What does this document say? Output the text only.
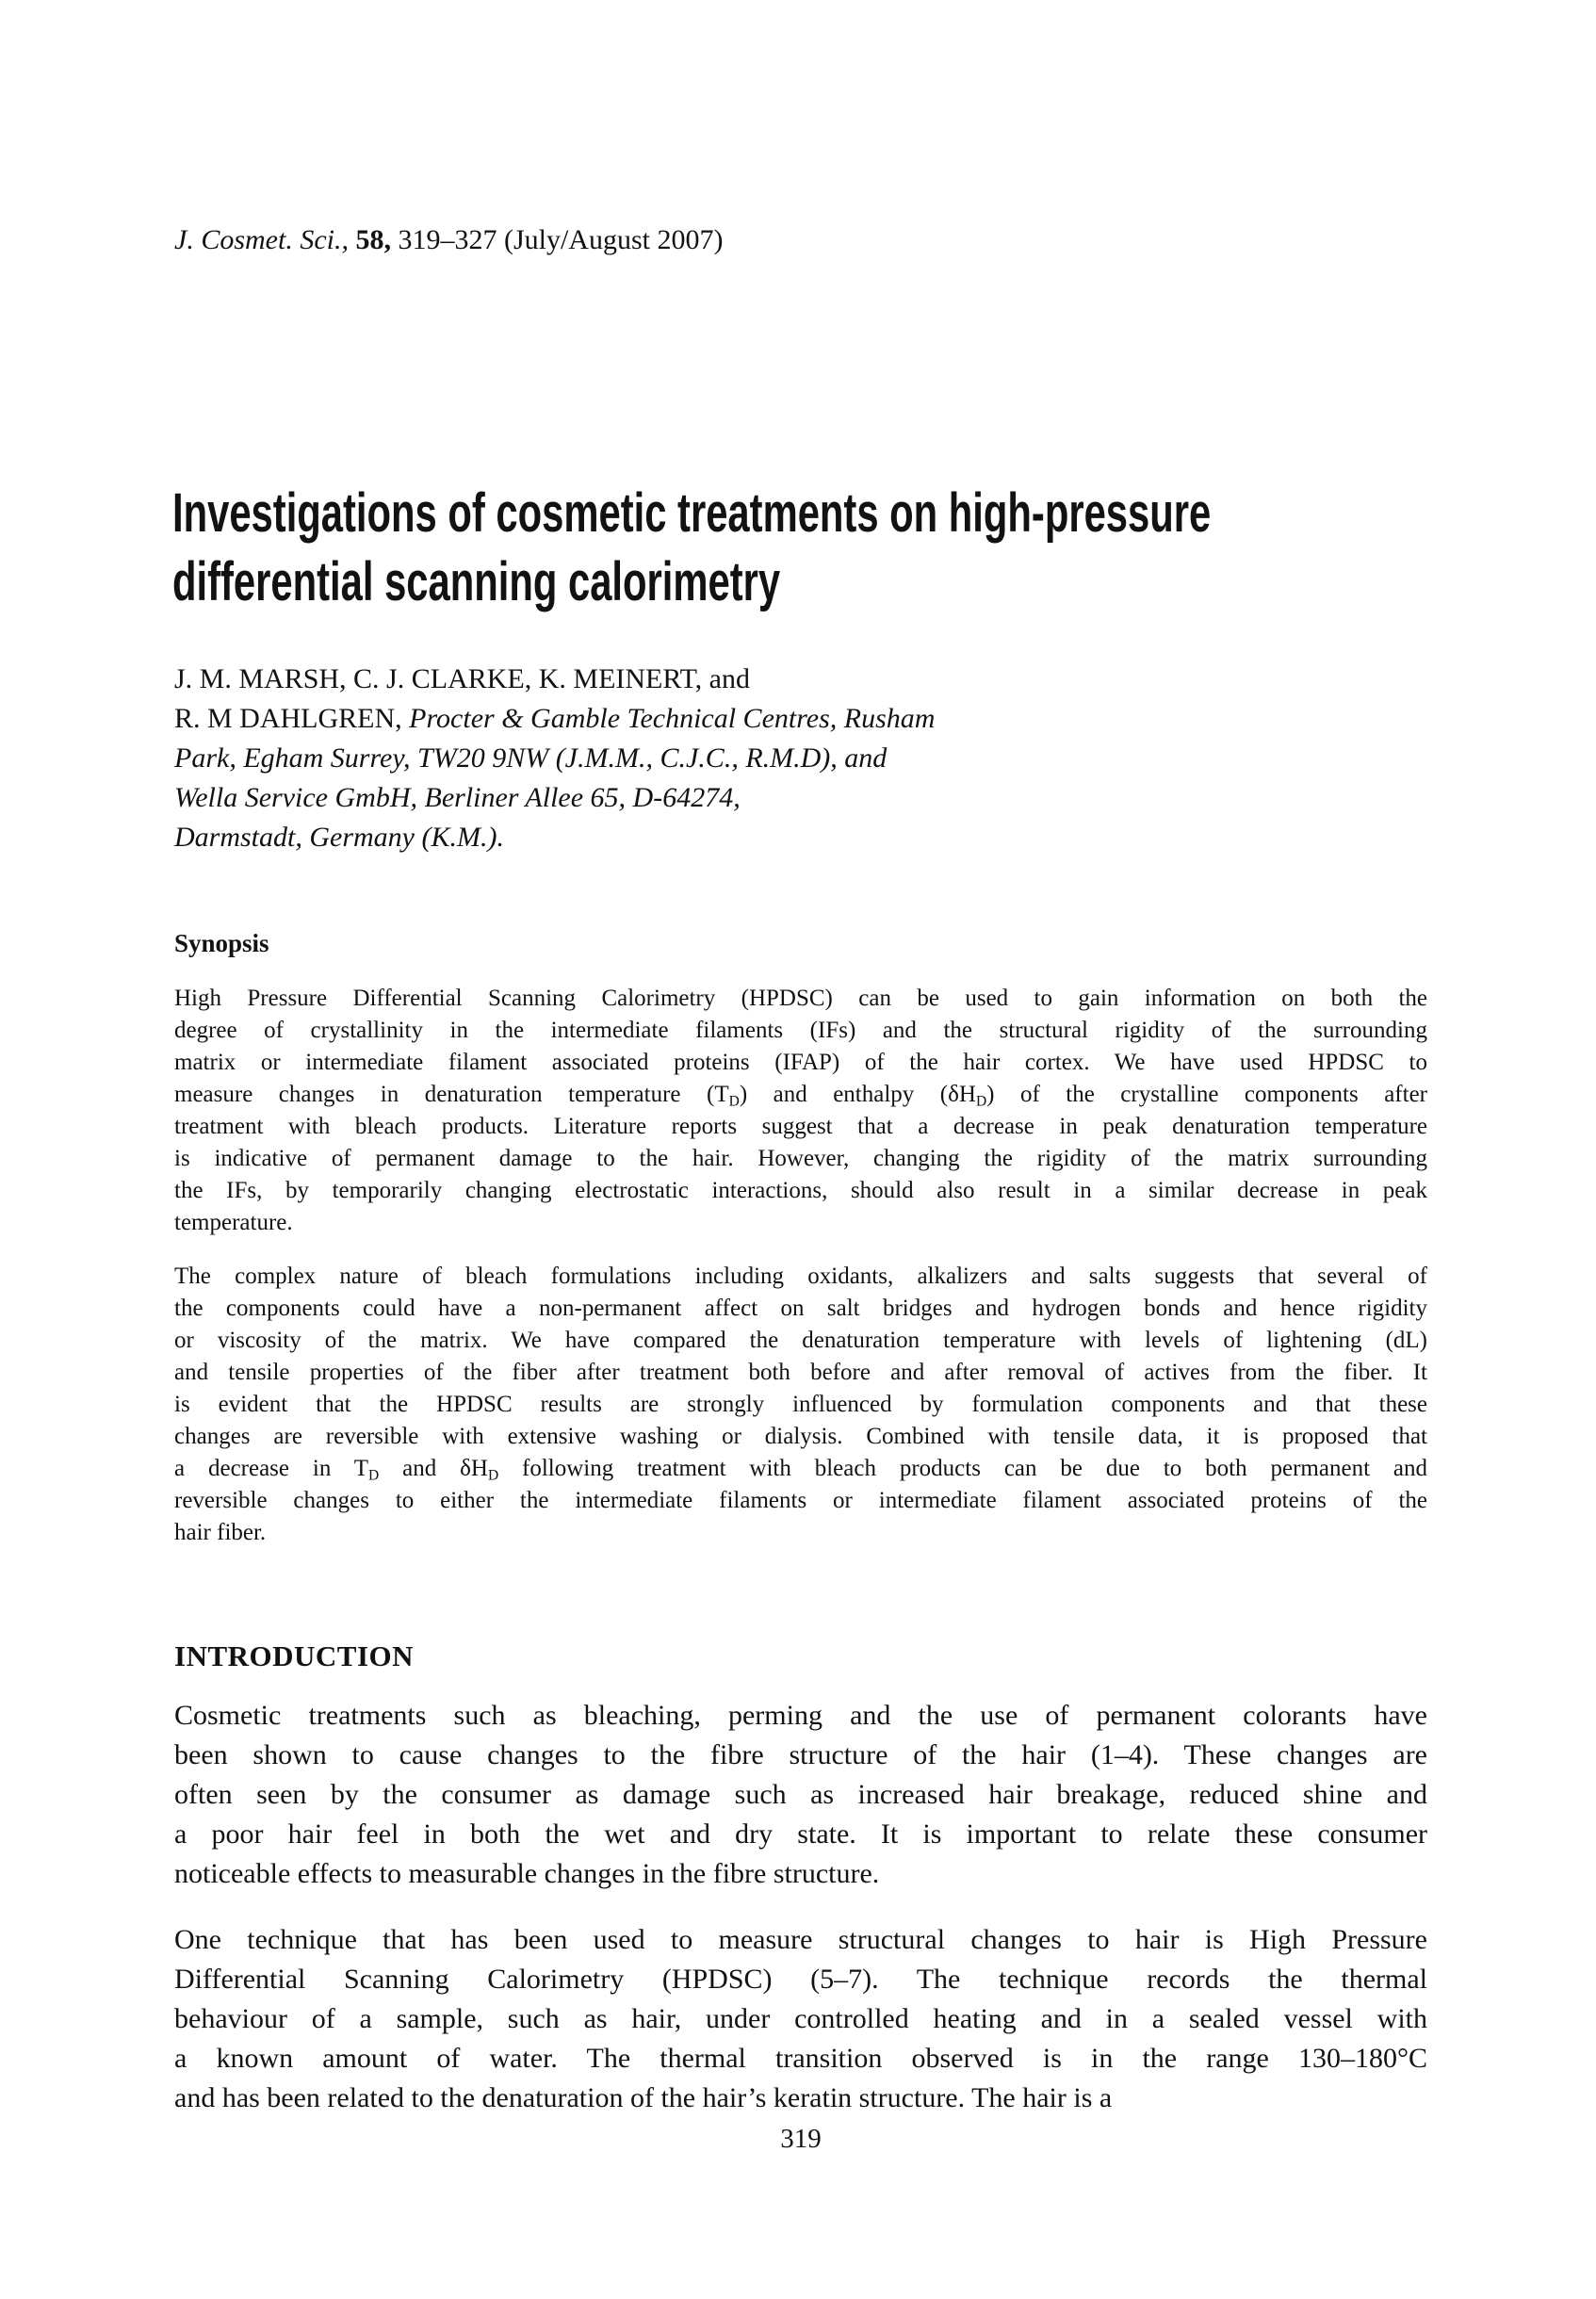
J. Cosmet. Sci., 58, 319–327 (July/August 2007)
Investigations of cosmetic treatments on high-pressure
differential scanning calorimetry
J. M. MARSH, C. J. CLARKE, K. MEINERT, and
R. M DAHLGREN, Procter & Gamble Technical Centres, Rusham
Park, Egham Surrey, TW20 9NW (J.M.M., C.J.C., R.M.D), and
Wella Service GmbH, Berliner Allee 65, D-64274,
Darmstadt, Germany (K.M.).
Synopsis
High Pressure Differential Scanning Calorimetry (HPDSC) can be used to gain information on both the
degree of crystallinity in the intermediate filaments (IFs) and the structural rigidity of the surrounding
matrix or intermediate filament associated proteins (IFAP) of the hair cortex. We have used HPDSC to
measure changes in denaturation temperature $(T_D)$ and enthalpy $(\delta H_D)$ of the crystalline components after
treatment with bleach products. Literature reports suggest that a decrease in peak denaturation temperature
is indicative of permanent damage to the hair. However, changing the rigidity of the matrix surrounding
the IFs, by temporarily changing electrostatic interactions, should also result in a similar decrease in peak
temperature.
The complex nature of bleach formulations including oxidants, alkalizers and salts suggests that several of
the components could have a non-permanent affect on salt bridges and hydrogen bonds and hence rigidity
or viscosity of the matrix. We have compared the denaturation temperature with levels of lightening (dL)
and tensile properties of the fiber after treatment both before and after removal of actives from the fiber. It
is evident that the HPDSC results are strongly influenced by formulation components and that these
changes are reversible with extensive washing or dialysis. Combined with tensile data, it is proposed that
a decrease in $T_D$ and $\delta H_D$ following treatment with bleach products can be due to both permanent and
reversible changes to either the intermediate filaments or intermediate filament associated proteins of the
hair fiber.
INTRODUCTION
Cosmetic treatments such as bleaching, perming and the use of permanent colorants have
been shown to cause changes to the fibre structure of the hair (1–4). These changes are
often seen by the consumer as damage such as increased hair breakage, reduced shine and
a poor hair feel in both the wet and dry state. It is important to relate these consumer
noticeable effects to measurable changes in the fibre structure.
One technique that has been used to measure structural changes to hair is High Pressure
Differential Scanning Calorimetry (HPDSC) (5–7). The technique records the thermal
behaviour of a sample, such as hair, under controlled heating and in a sealed vessel with
a known amount of water. The thermal transition observed is in the range 130–180°C
and has been related to the denaturation of the hair’s keratin structure. The hair is a
319
